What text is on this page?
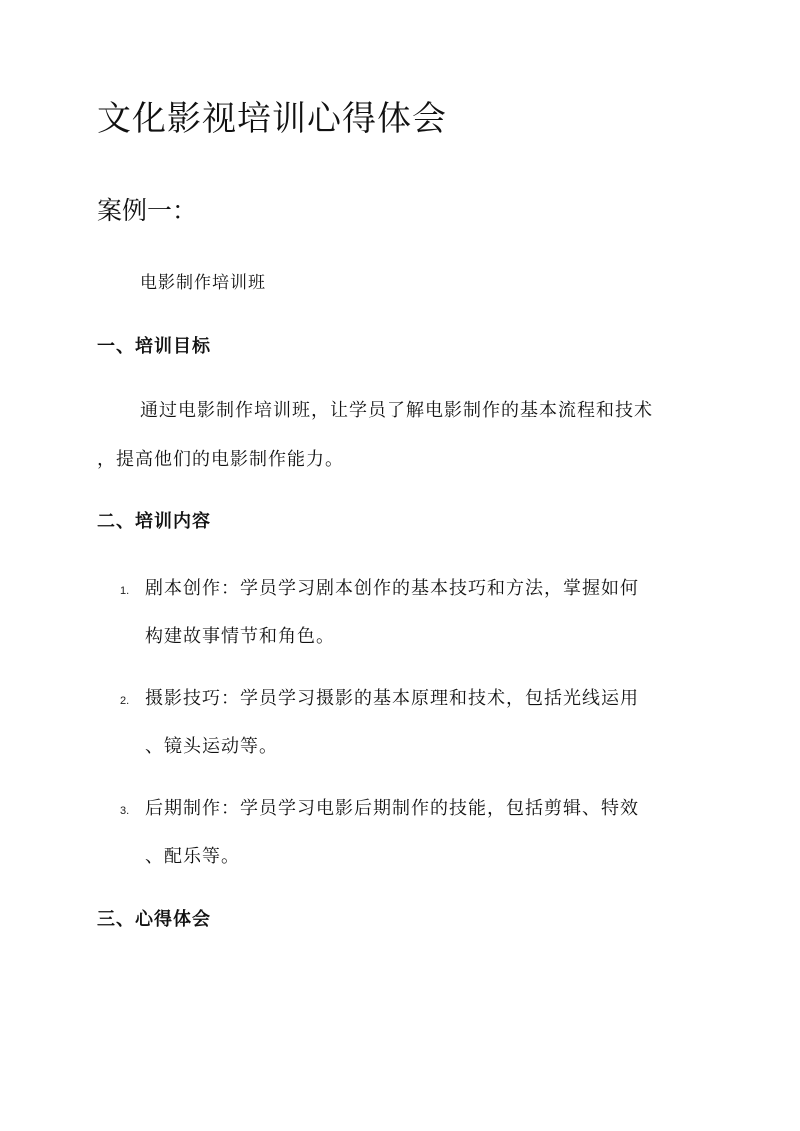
文化影视培训心得体会
案例一：
电影制作培训班
一、培训目标
通过电影制作培训班，让学员了解电影制作的基本流程和技术
，提高他们的电影制作能力。
二、培训内容
1. 剧本创作：学员学习剧本创作的基本技巧和方法，掌握如何
构建故事情节和角色。
2. 摄影技巧：学员学习摄影的基本原理和技术，包括光线运用
、镜头运动等。
3. 后期制作：学员学习电影后期制作的技能，包括剪辑、特效
、配乐等。
三、心得体会
